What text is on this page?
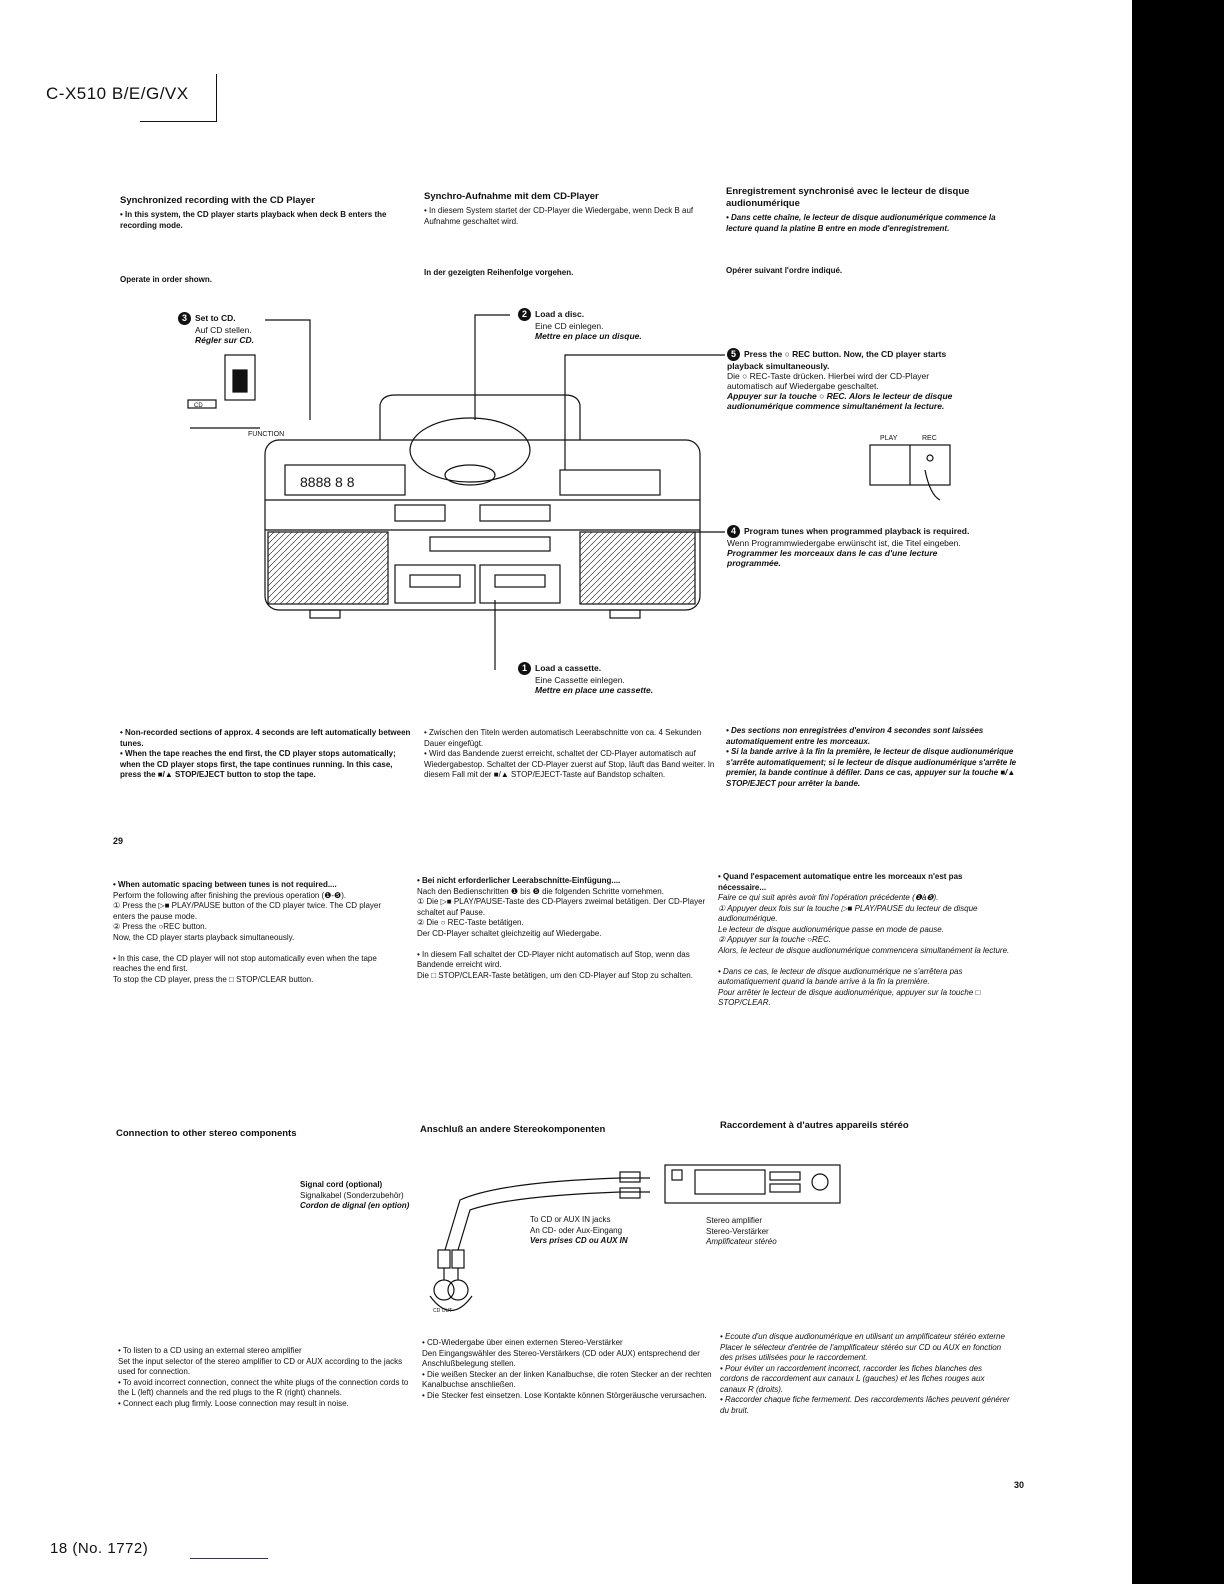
C-X510 B/E/G/VX
Synchronized recording with the CD Player
• In this system, the CD player starts playback when deck B enters the recording mode.
Operate in order shown.
Synchro-Aufnahme mit dem CD-Player
• In diesem System startet der CD-Player die Wiedergabe, wenn Deck B auf Aufnahme geschaltet wird.
In der gezeigten Reihenfolge vorgehen.
Enregistrement synchronisé avec le lecteur de disque audionumérique
• Dans cette chaîne, le lecteur de disque audionumérique commence la lecture quand la platine B entre en mode d'enregistrement.
Opérer suivant l'ordre indiqué.
8888 8 8
FUNCTION
CD
PLAY	REC
3 Set to CD.
Auf CD stellen.
Régler sur CD.
2 Load a disc.
Eine CD einlegen.
Mettre en place un disque.
5 Press the ○ REC button. Now, the CD player starts playback simultaneously.
Die ○ REC-Taste drücken. Hierbei wird der CD-Player automatisch auf Wiedergabe geschaltet.
Appuyer sur la touche ○ REC. Alors le lecteur de disque audionumérique commence simultanément la lecture.
4 Program tunes when programmed playback is required.
Wenn Programmwiedergabe erwünscht ist, die Titel eingeben.
Programmer les morceaux dans le cas d'une lecture programmée.
1 Load a cassette.
Eine Cassette einlegen.
Mettre en place une cassette.
• Non-recorded sections of approx. 4 seconds are left automatically between tunes.
• When the tape reaches the end first, the CD player stops automatically; when the CD player stops first, the tape continues running. In this case, press the ■/▲ STOP/EJECT button to stop the tape.
• Zwischen den Titeln werden automatisch Leerabschnitte von ca. 4 Sekunden Dauer eingefügt.
• Wird das Bandende zuerst erreicht, schaltet der CD-Player automatisch auf Wiedergabestop. Schaltet der CD-Player zuerst auf Stop, läuft das Band weiter. In diesem Fall mit der ■/▲ STOP/EJECT-Taste auf Bandstop schalten.
• Des sections non enregistrées d'environ 4 secondes sont laissées automatiquement entre les morceaux.
• Si la bande arrive à la fin la première, le lecteur de disque audionumérique s'arrête automatiquement; si le lecteur de disque audionumérique s'arrête le premier, la bande continue à défiler. Dans ce cas, appuyer sur la touche ■/▲ STOP/EJECT pour arrêter la bande.
29
• When automatic spacing between tunes is not required....
Perform the following after finishing the previous operation (❶-❺).
① Press the ▷■ PLAY/PAUSE button of the CD player twice. The CD player enters the pause mode.
② Press the ○REC button.
Now, the CD player starts playback simultaneously.

• In this case, the CD player will not stop automatically even when the tape reaches the end first.
To stop the CD player, press the □ STOP/CLEAR button.
• Bei nicht erforderlicher Leerabschnitte-Einfügung....
Nach den Bedienschritten ❶ bis ❺ die folgenden Schritte vornehmen.
① Die ▷■ PLAY/PAUSE-Taste des CD-Players zweimal betätigen. Der CD-Player schaltet auf Pause.
② Die ○ REC-Taste betätigen.
Der CD-Player schaltet gleichzeitig auf Wiedergabe.

• In diesem Fall schaltet der CD-Player nicht automatisch auf Stop, wenn das Bandende erreicht wird.
Die □ STOP/CLEAR-Taste betätigen, um den CD-Player auf Stop zu schalten.
• Quand l'espacement automatique entre les morceaux n'est pas nécessaire...
Faire ce qui suit après avoir fini l'opération précédente (❶à❺).
① Appuyer deux fois sur la touche ▷■ PLAY/PAUSE du lecteur de disque audionumérique.
Le lecteur de disque audionumérique passe en mode de pause.
② Appuyer sur la touche ○REC.
Alors, le lecteur de disque audionumérique commencera simultanément la lecture.

• Dans ce cas, le lecteur de disque audionumérique ne s'arrêtera pas automatiquement quand la bande arrive à la fin la première.
Pour arrêter le lecteur de disque audionumérique, appuyer sur la touche □ STOP/CLEAR.
Connection to other stereo components	Anschluß an andere Stereokomponenten	Raccordement à d'autres appareils stéréo
CD OUT
Signal cord (optional)
Signalkabel (Sonderzubehör)
Cordon de dignal (en option)
To CD or AUX IN jacks
An CD- oder Aux-Eingang
Vers prises CD ou AUX IN
Stereo amplifier
Stereo-Verstärker
Amplificateur stéréo
• To listen to a CD using an external stereo amplifier
Set the input selector of the stereo amplifier to CD or AUX according to the jacks used for connection.
• To avoid incorrect connection, connect the white plugs of the connection cords to the L (left) channels and the red plugs to the R (right) channels.
• Connect each plug firmly. Loose connection may result in noise.
• CD-Wiedergabe über einen externen Stereo-Verstärker
Den Eingangswähler des Stereo-Verstärkers (CD oder AUX) entsprechend der Anschlußbelegung stellen.
• Die weißen Stecker an der linken Kanalbuchse, die roten Stecker an der rechten Kanalbuchse anschließen.
• Die Stecker fest einsetzen. Lose Kontakte können Störgeräusche verursachen.
• Ecoute d'un disque audionumérique en utilisant un amplificateur stéréo externe
Placer le sélecteur d'entrée de l'amplificateur stéréo sur CD ou AUX en fonction des prises utilisées pour le raccordement.
• Pour éviter un raccordement incorrect, raccorder les fiches blanches des cordons de raccordement aux canaux L (gauches) et les fiches rouges aux canaux R (droits).
• Raccorder chaque fiche fermement. Des raccordements lâches peuvent générer du bruit.
30
18 (No. 1772)
